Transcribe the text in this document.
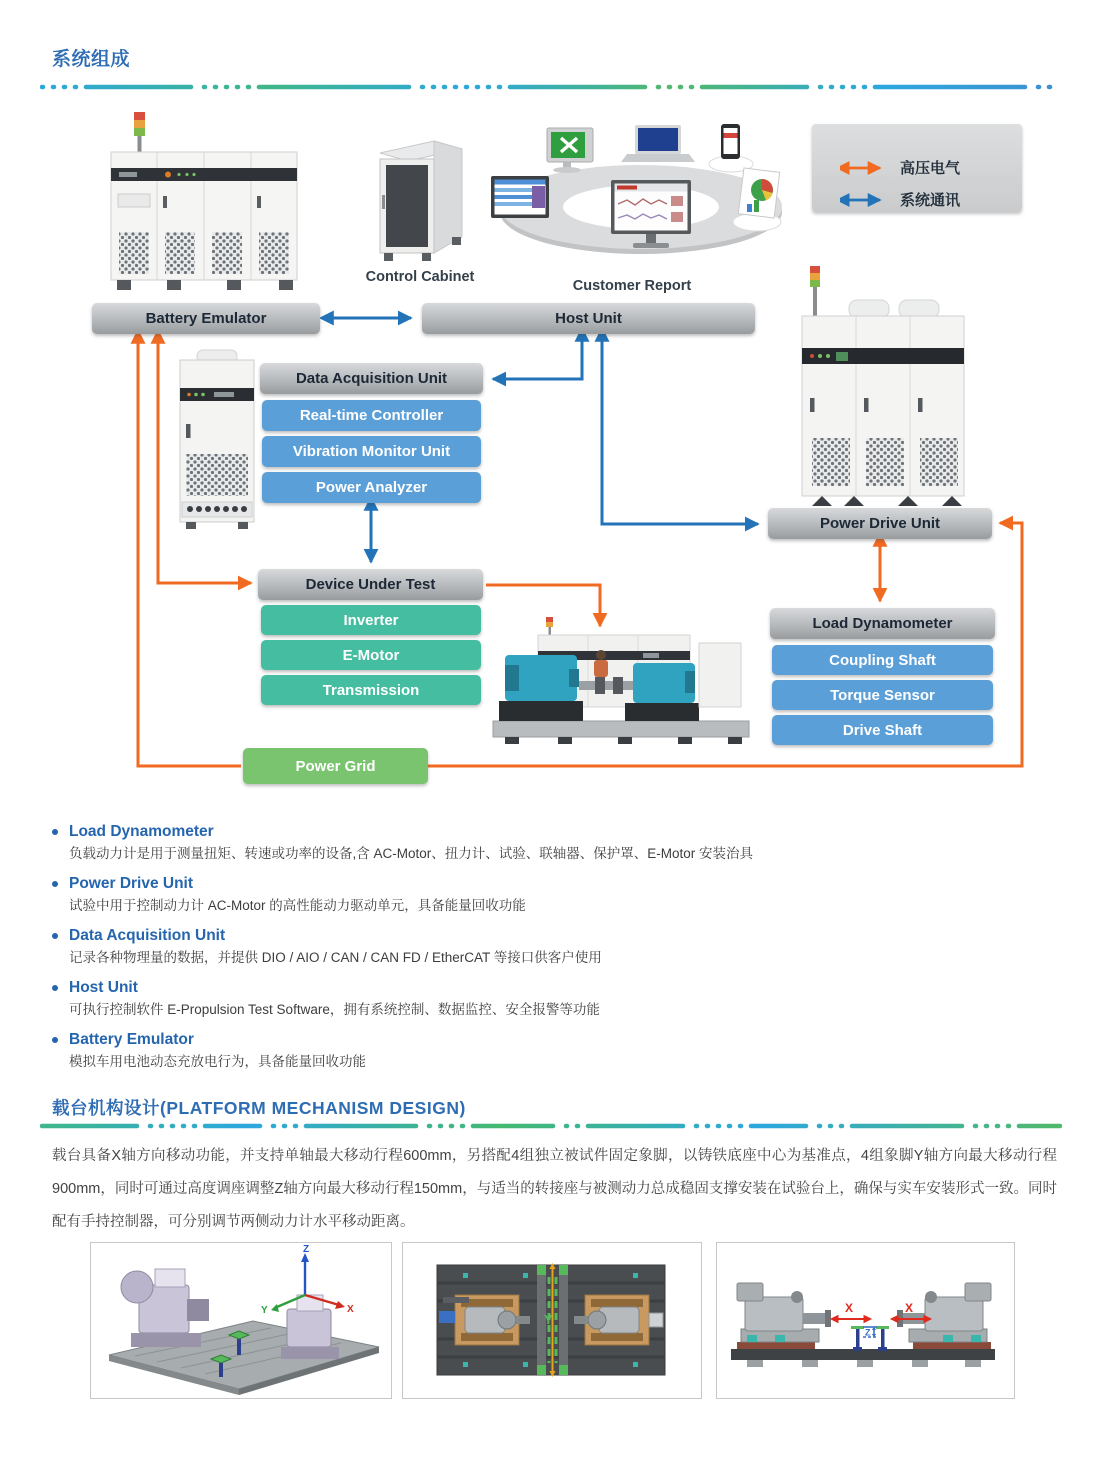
系统组成
Control Cabinet
Customer Report
高压电气
系统通讯
Battery Emulator	Host Unit
Data Acquisition Unit
Real-time Controller
Vibration Monitor Unit
Power Analyzer
Device Under Test
Inverter
E-Motor
Transmission
Power Grid
Power Drive Unit
Load Dynamometer
Coupling Shaft
Torque Sensor
Drive Shaft
Load Dynamometer
负载动力计是用于测量扭矩、转速或功率的设备,含 AC-Motor、扭力计、试验、联轴器、保护罩、E-Motor 安装治具
Power Drive Unit
试验中用于控制动力计 AC-Motor 的高性能动力驱动单元，具备能量回收功能
Data Acquisition Unit
记录各种物理量的数据，并提供 DIO / AIO / CAN / CAN FD / EtherCAT 等接口供客户使用
Host Unit
可执行控制软件 E-Propulsion Test Software，拥有系统控制、数据监控、安全报警等功能
Battery Emulator
模拟车用电池动态充放电行为，具备能量回收功能
载台机构设计(PLATFORM MECHANISM DESIGN)
载台具备X轴方向移动功能，并支持单轴最大移动行程600mm，另搭配4组独立被试件固定象脚，以铸铁底座中心为基准点，4组象脚Y轴方向最大移动行程900mm，同时可通过高度调座调整Z轴方向最大移动行程150mm，与适当的转接座与被测动力总成稳固支撑安装在试验台上，确保与实车安装形式一致。同时配有手持控制器，可分别调节两侧动力计水平移动距离。
Z
X
Y
Y
X	X
Z
